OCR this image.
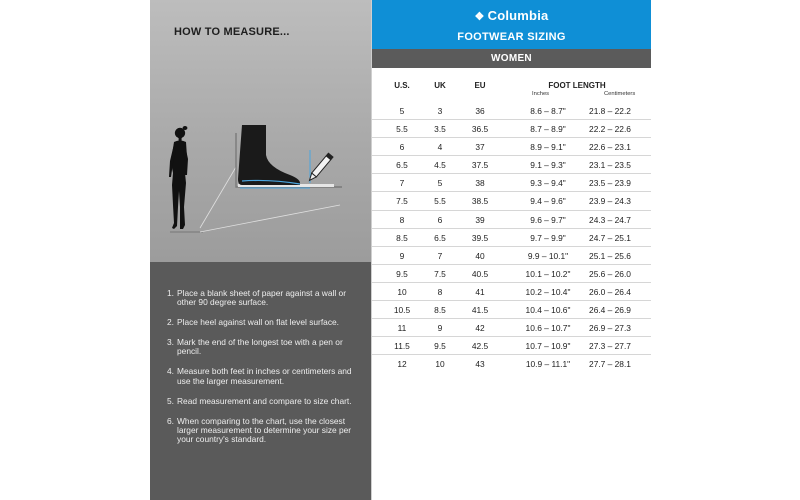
HOW TO MEASURE...
1. Place a blank sheet of paper against a wall or other 90 degree surface.
2. Place heel against wall on flat level surface.
3. Mark the end of the longest toe with a pen or pencil.
4. Measure both feet in inches or centimeters and use the larger measurement.
5. Read measurement and compare to size chart.
6. When comparing to the chart, use the closest larger measurement to determine your size per your country's standard.
❖ Columbia
FOOTWEAR SIZING
WOMEN
U.S.	UK	EU	FOOT LENGTH
Inches	Centimeters
5	3	36	8.6 – 8.7"	21.8 – 22.2
5.5	3.5	36.5	8.7 – 8.9"	22.2 – 22.6
6	4	37	8.9 – 9.1"	22.6 – 23.1
6.5	4.5	37.5	9.1 – 9.3"	23.1 – 23.5
7	5	38	9.3 – 9.4"	23.5 – 23.9
7.5	5.5	38.5	9.4 – 9.6"	23.9 – 24.3
8	6	39	9.6 – 9.7"	24.3 – 24.7
8.5	6.5	39.5	9.7 – 9.9"	24.7 – 25.1
9	7	40	9.9 – 10.1"	25.1 – 25.6
9.5	7.5	40.5	10.1 – 10.2"	25.6 – 26.0
10	8	41	10.2 – 10.4"	26.0 – 26.4
10.5	8.5	41.5	10.4 – 10.6"	26.4 – 26.9
11	9	42	10.6 – 10.7"	26.9 – 27.3
11.5	9.5	42.5	10.7 – 10.9"	27.3 – 27.7
12	10	43	10.9 – 11.1"	27.7 – 28.1
